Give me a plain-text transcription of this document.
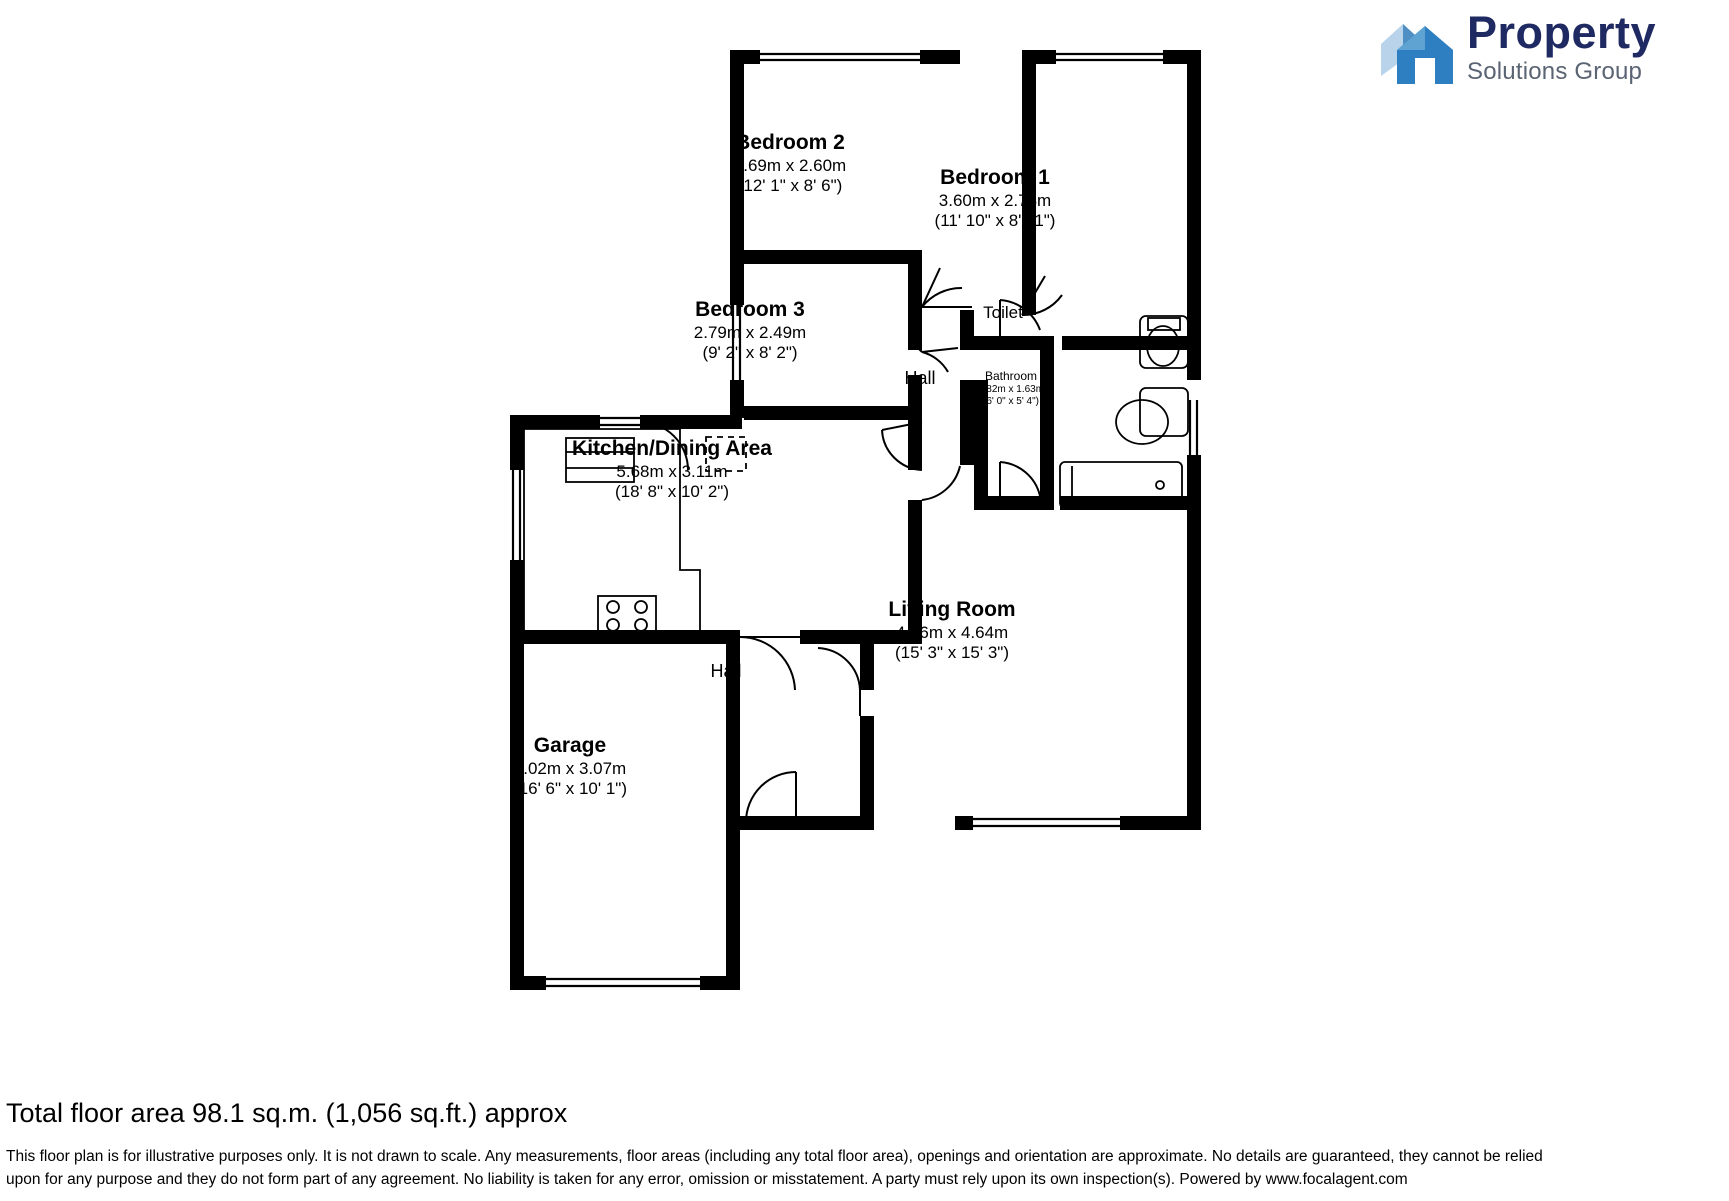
Property
Solutions Group
Bedroom 2
3.69m x 2.60m
(12' 1" x 8' 6")	Bedroom 1
3.60m x 2.73m
(11' 10" x 8' 11")
Bedroom 3
2.79m x 2.49m
(9' 2" x 8' 2")
Kitchen/Dining Area
5.68m x 3.11m
(18' 8" x 10' 2")
Living Room
4.66m x 4.64m
(15' 3" x 15' 3")
Garage
5.02m x 3.07m
(16' 6" x 10' 1")
Bathroom
1.82m x 1.63m
(6' 0" x 5' 4")
Toilet
Hall
Hall
Total floor area 98.1 sq.m. (1,056 sq.ft.) approx
This floor plan is for illustrative purposes only. It is not drawn to scale. Any measurements, floor areas (including any total floor area), openings and orientation are approximate. No details are guaranteed, they cannot be relied upon for any purpose and they do not form part of any agreement. No liability is taken for any error, omission or misstatement. A party must rely upon its own inspection(s). Powered by www.focalagent.com
